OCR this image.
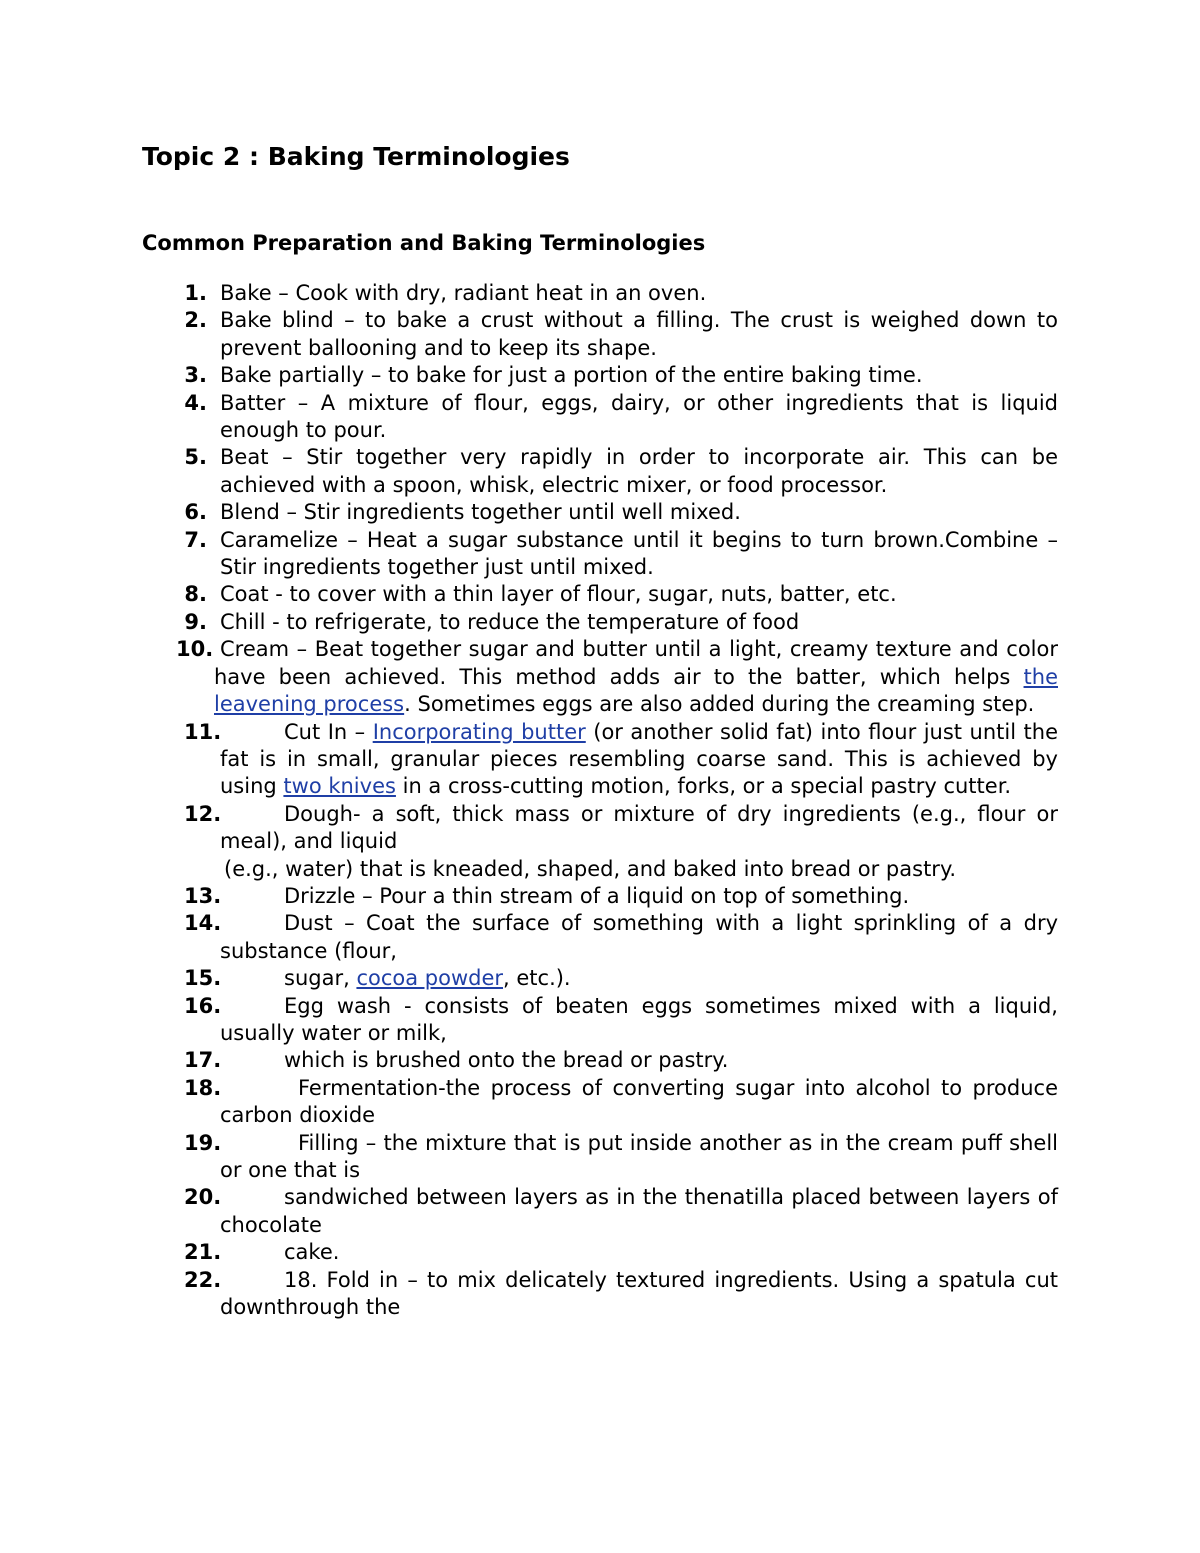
Topic 2 : Baking Terminologies
Common Preparation and Baking Terminologies
1. Bake – Cook with dry, radiant heat in an oven.
2. Bake blind – to bake a crust without a filling. The crust is weighed down to prevent ballooning and to keep its shape.
3. Bake partially – to bake for just a portion of the entire baking time.
4. Batter – A mixture of flour, eggs, dairy, or other ingredients that is liquid enough to pour.
5. Beat – Stir together very rapidly in order to incorporate air. This can be achieved with a spoon, whisk, electric mixer, or food processor.
6. Blend – Stir ingredients together until well mixed.
7. Caramelize – Heat a sugar substance until it begins to turn brown.Combine – Stir ingredients together just until mixed.
8. Coat - to cover with a thin layer of flour, sugar, nuts, batter, etc.
9. Chill - to refrigerate, to reduce the temperature of food
10. Cream – Beat together sugar and butter until a light, creamy texture and color have been achieved. This method adds air to the batter, which helps the leavening process. Sometimes eggs are also added during the creaming step.
11.	Cut In – Incorporating butter (or another solid fat) into flour just until the fat is in small, granular pieces resembling coarse sand. This is achieved by using two knives in a cross-cutting motion, forks, or a special pastry cutter.
12.	Dough- a soft, thick mass or mixture of dry ingredients (e.g., flour or meal), and liquid
(e.g., water) that is kneaded, shaped, and baked into bread or pastry.
13.	Drizzle – Pour a thin stream of a liquid on top of something.
14.	Dust – Coat the surface of something with a light sprinkling of a dry substance (flour,
15.	sugar, cocoa powder, etc.).
16.	Egg wash - consists of beaten eggs sometimes mixed with a liquid, usually water or milk,
17.	which is brushed onto the bread or pastry.
18.	Fermentation-the process of converting sugar into alcohol to produce carbon dioxide
19.	Filling – the mixture that is put inside another as in the cream puff shell or one that is
20.	sandwiched between layers as in the thenatilla placed between layers of chocolate
21.	cake.
22.	18. Fold in – to mix delicately textured ingredients. Using a spatula cut downthrough the
